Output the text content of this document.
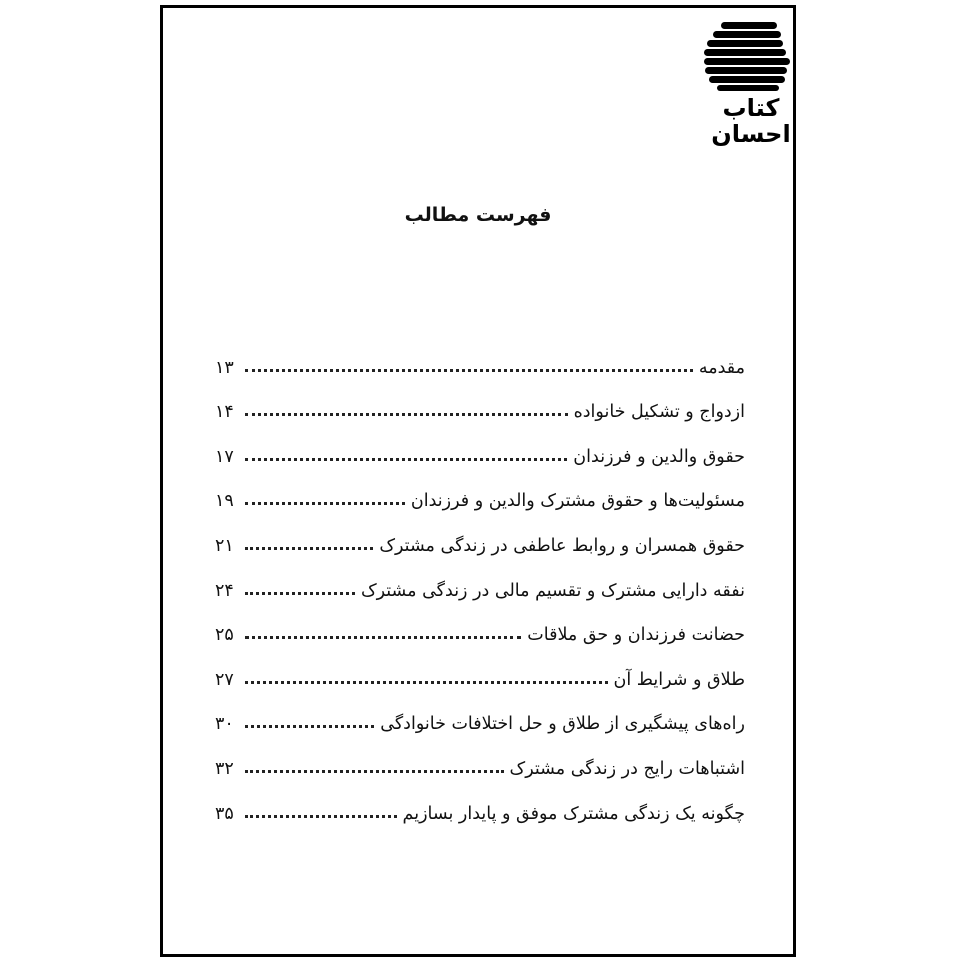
کتاب
احسان
فهرست مطالب
مقدمه
۱۳
ازدواج و تشکیل خانواده
۱۴
حقوق والدین و فرزندان
۱۷
مسئولیت‌ها و حقوق مشترک والدین و فرزندان
۱۹
حقوق همسران و روابط عاطفی در زندگی مشترک
۲۱
نفقه دارایی مشترک و تقسیم مالی در زندگی مشترک
۲۴
حضانت فرزندان و حق ملاقات
۲۵
طلاق و شرایط آن
۲۷
راه‌های پیشگیری از طلاق و حل اختلافات خانوادگی
۳۰
اشتباهات رایج در زندگی مشترک
۳۲
چگونه یک زندگی مشترک موفق و پایدار بسازیم
۳۵
